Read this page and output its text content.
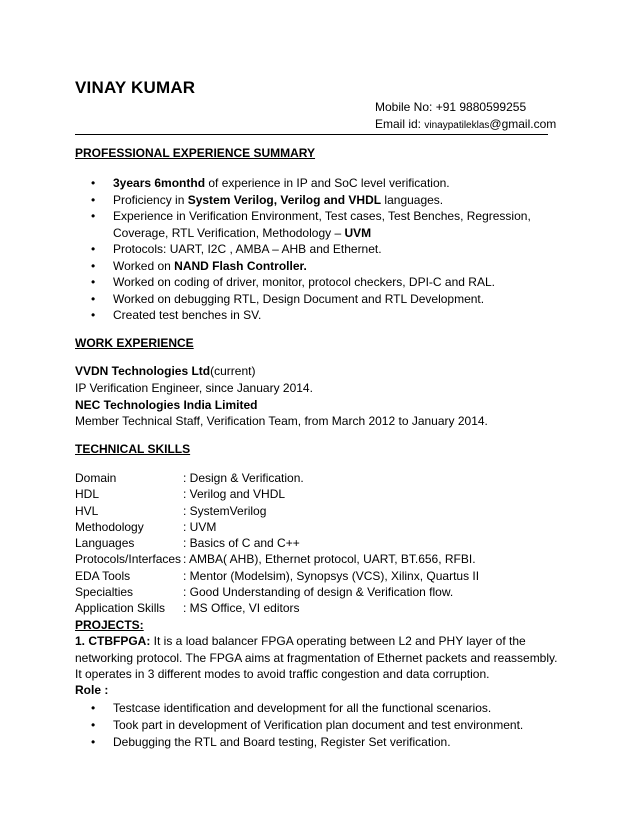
VINAY KUMAR
Mobile No: +91 9880599255
Email id: vinaypatileklas@gmail.com
PROFESSIONAL EXPERIENCE SUMMARY
• 3years 6monthd of experience in IP and SoC level verification.
• Proficiency in System Verilog, Verilog and VHDL languages.
• Experience in Verification Environment, Test cases, Test Benches, Regression, Coverage, RTL Verification, Methodology – UVM
• Protocols: UART, I2C , AMBA – AHB and Ethernet.
• Worked on NAND Flash Controller.
• Worked on coding of driver, monitor, protocol checkers, DPI-C and RAL.
• Worked on debugging RTL, Design Document and RTL Development.
• Created test benches in SV.
WORK EXPERIENCE
VVDN Technologies Ltd(current)
IP Verification Engineer, since January 2014.
NEC Technologies India Limited
Member Technical Staff, Verification Team, from March 2012 to January 2014.
TECHNICAL SKILLS
Domain	: Design & Verification.
HDL	: Verilog and VHDL
HVL	: SystemVerilog
Methodology	: UVM
Languages	: Basics of C and C++
Protocols/Interfaces : AMBA( AHB), Ethernet protocol, UART, BT.656, RFBI.
EDA Tools	: Mentor (Modelsim), Synopsys (VCS), Xilinx, Quartus II
Specialties	: Good Understanding of design & Verification flow.
Application Skills	: MS Office, VI editors
PROJECTS:
1. CTBFPGA: It is a load balancer FPGA operating between L2 and PHY layer of the networking protocol. The FPGA aims at fragmentation of Ethernet packets and reassembly. It operates in 3 different modes to avoid traffic congestion and data corruption.
Role :
• Testcase identification and development for all the functional scenarios.
• Took part in development of Verification plan document and test environment.
• Debugging the RTL and Board testing, Register Set verification.
